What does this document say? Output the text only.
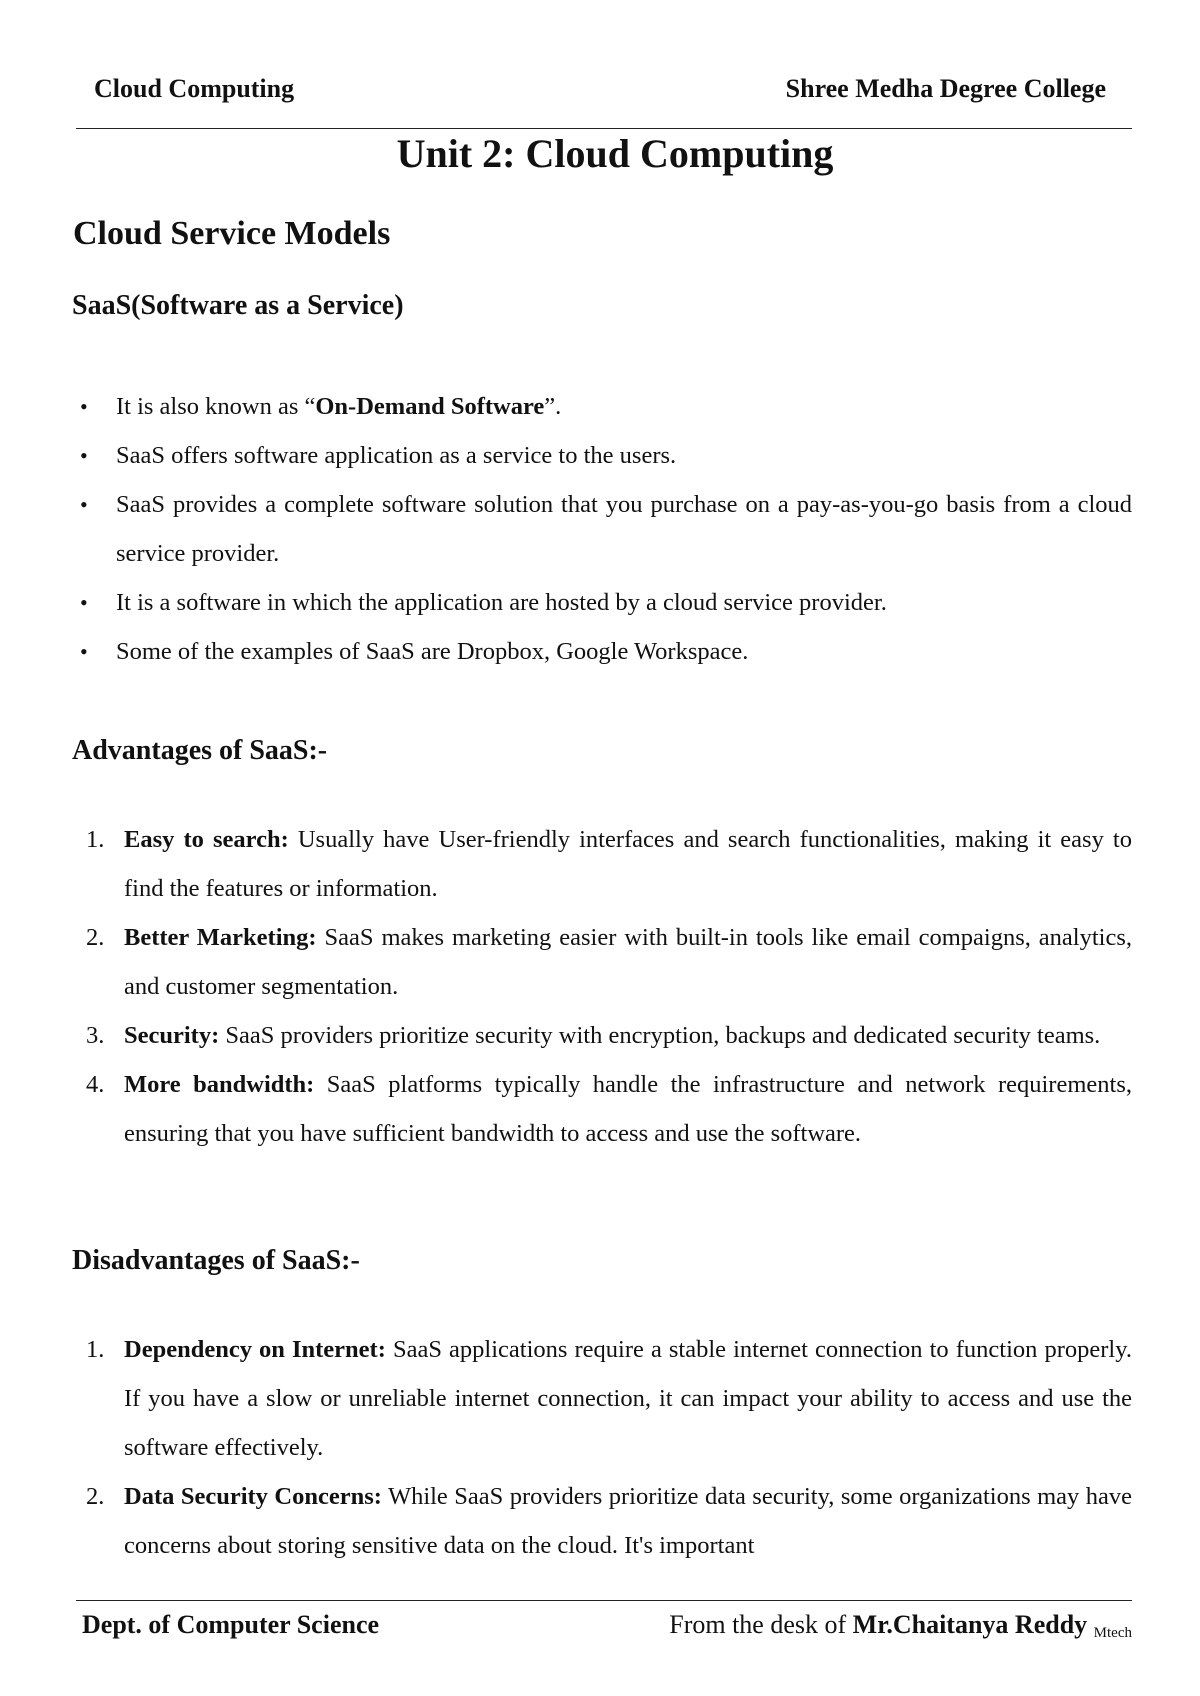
Cloud Computing	Shree Medha Degree College
Unit 2: Cloud Computing
Cloud Service Models
SaaS(Software as a Service)
• It is also known as “On-Demand Software”.
• SaaS offers software application as a service to the users.
• SaaS provides a complete software solution that you purchase on a pay-as-you-go basis from a cloud service provider.
• It is a software in which the application are hosted by a cloud service provider.
• Some of the examples of SaaS are Dropbox, Google Workspace.
Advantages of SaaS:-
1. Easy to search: Usually have User-friendly interfaces and search functionalities, making it easy to find the features or information.
2. Better Marketing: SaaS makes marketing easier with built-in tools like email compaigns, analytics, and customer segmentation.
3. Security: SaaS providers prioritize security with encryption, backups and dedicated security teams.
4. More bandwidth: SaaS platforms typically handle the infrastructure and network requirements, ensuring that you have sufficient bandwidth to access and use the software.
Disadvantages of SaaS:-
1. Dependency on Internet: SaaS applications require a stable internet connection to function properly. If you have a slow or unreliable internet connection, it can impact your ability to access and use the software effectively.
2. Data Security Concerns: While SaaS providers prioritize data security, some organizations may have concerns about storing sensitive data on the cloud. It's important
Dept. of Computer Science	From the desk of Mr.Chaitanya Reddy $_{Mtech}$
